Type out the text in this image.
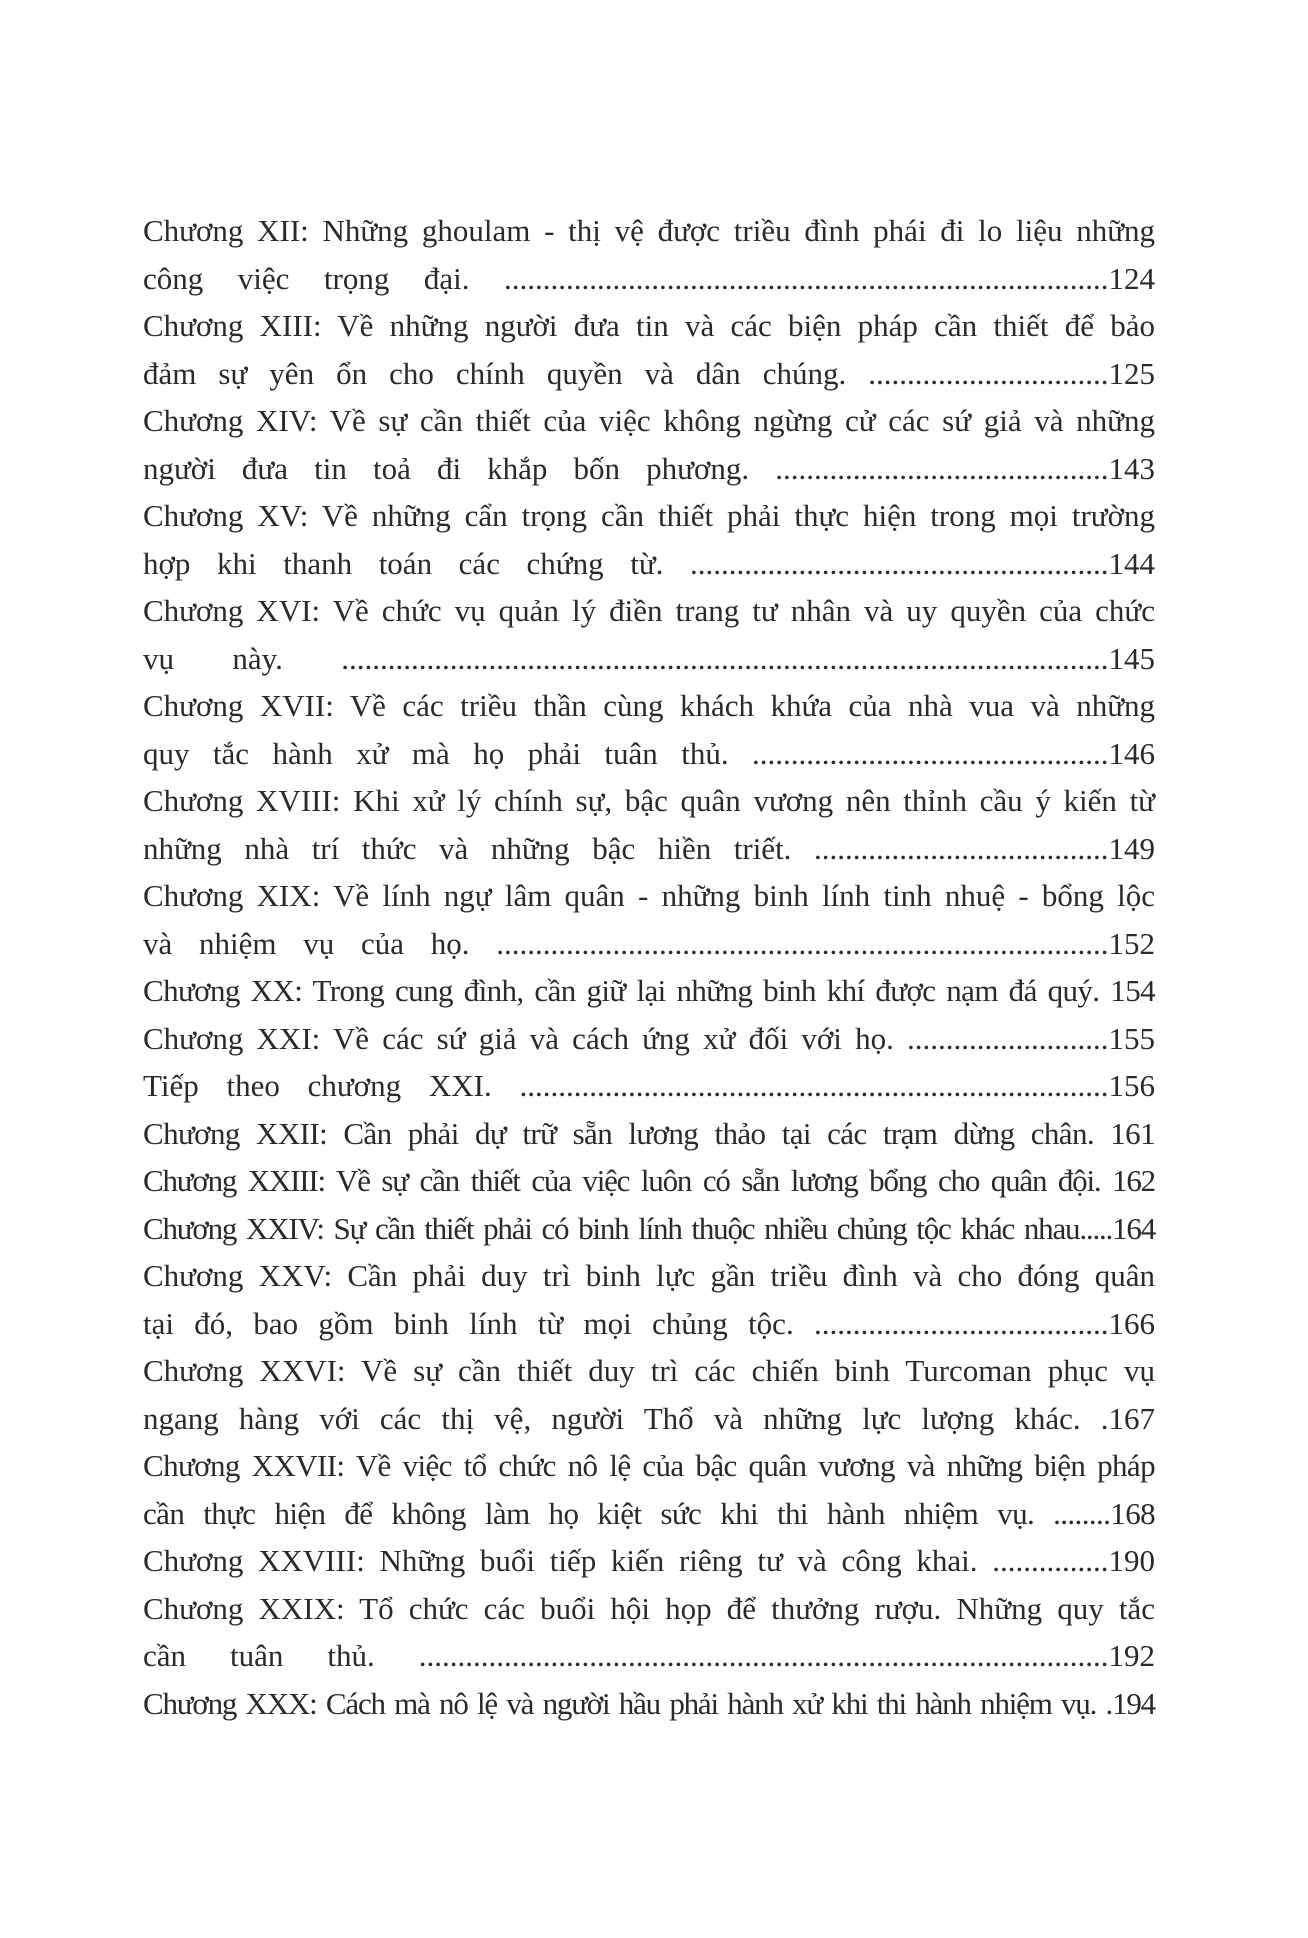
Chương XII: Những ghoulam - thị vệ được triều đình phái đi lo liệu những
công việc trọng đại. ..............................................................................124
Chương XIII: Về những người đưa tin và các biện pháp cần thiết để bảo
đảm sự yên ổn cho chính quyền và dân chúng. ...............................125
Chương XIV: Về sự cần thiết của việc không ngừng cử các sứ giả và những
người đưa tin toả đi khắp bốn phương. ...........................................143
Chương XV: Về những cẩn trọng cần thiết phải thực hiện trong mọi trường
hợp khi thanh toán các chứng từ. ......................................................144
Chương XVI: Về chức vụ quản lý điền trang tư nhân và uy quyền của chức
vụ này. ...................................................................................................145
Chương XVII: Về các triều thần cùng khách khứa của nhà vua và những
quy tắc hành xử mà họ phải tuân thủ. ..............................................146
Chương XVIII: Khi xử lý chính sự, bậc quân vương nên thỉnh cầu ý kiến từ
những nhà trí thức và những bậc hiền triết. ......................................149
Chương XIX: Về lính ngự lâm quân - những binh lính tinh nhuệ - bổng lộc
và nhiệm vụ của họ. ...............................................................................152
Chương XX: Trong cung đình, cần giữ lại những binh khí được nạm đá quý. 154
Chương XXI: Về các sứ giả và cách ứng xử đối với họ. ..........................155
Tiếp theo chương XXI. ............................................................................156
Chương XXII: Cần phải dự trữ sẵn lương thảo tại các trạm dừng chân. 161
Chương XXIII: Về sự cần thiết của việc luôn có sẵn lương bổng cho quân đội. 162
Chương XXIV: Sự cần thiết phải có binh lính thuộc nhiều chủng tộc khác nhau.....164
Chương XXV: Cần phải duy trì binh lực gần triều đình và cho đóng quân
tại đó, bao gồm binh lính từ mọi chủng tộc. ......................................166
Chương XXVI: Về sự cần thiết duy trì các chiến binh Turcoman phục vụ
ngang hàng với các thị vệ, người Thổ và những lực lượng khác. .167
Chương XXVII: Về việc tổ chức nô lệ của bậc quân vương và những biện pháp
cần thực hiện để không làm họ kiệt sức khi thi hành nhiệm vụ. ........168
Chương XXVIII: Những buổi tiếp kiến riêng tư và công khai. ...............190
Chương XXIX: Tổ chức các buổi hội họp để thưởng rượu. Những quy tắc
cần tuân thủ. .........................................................................................192
Chương XXX: Cách mà nô lệ và người hầu phải hành xử khi thi hành nhiệm vụ. .194
